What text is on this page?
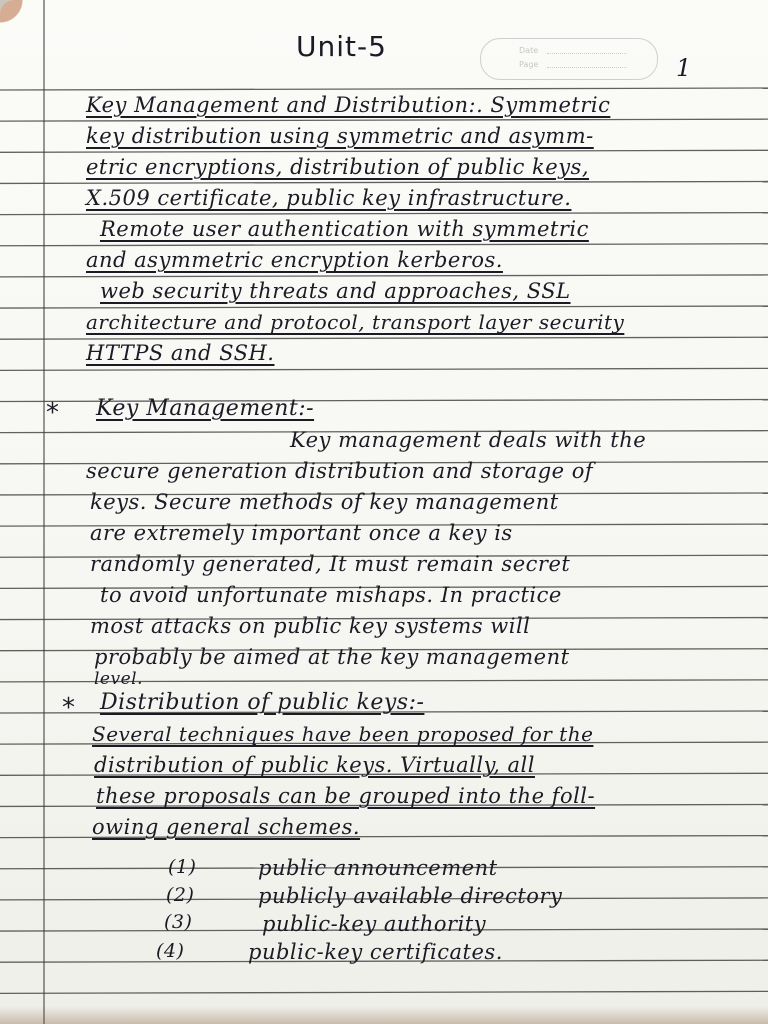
Date
Page
Unit-5
1
Key Management and Distribution:. Symmetric
key distribution using symmetric and asymm-
etric encryptions, distribution of public keys,
X.509 certificate, public key infrastructure.
Remote user authentication with symmetric
and asymmetric encryption kerberos.
web security threats and approaches, SSL
architecture and protocol, transport layer security
HTTPS and SSH.
* Key Management:-
Key management deals with the
secure generation distribution and storage of
keys. Secure methods of key management
are extremely important once a key is
randomly generated, It must remain secret
to avoid unfortunate mishaps. In practice
most attacks on public key systems will
probably be aimed at the key management
level.
* Distribution of public keys:-
Several techniques have been proposed for the
distribution of public keys. Virtually, all
these proposals can be grouped into the foll-
owing general schemes.
(1)	public announcement
(2)	publicly available directory
(3)	public-key authority
(4)	public-key certificates.
